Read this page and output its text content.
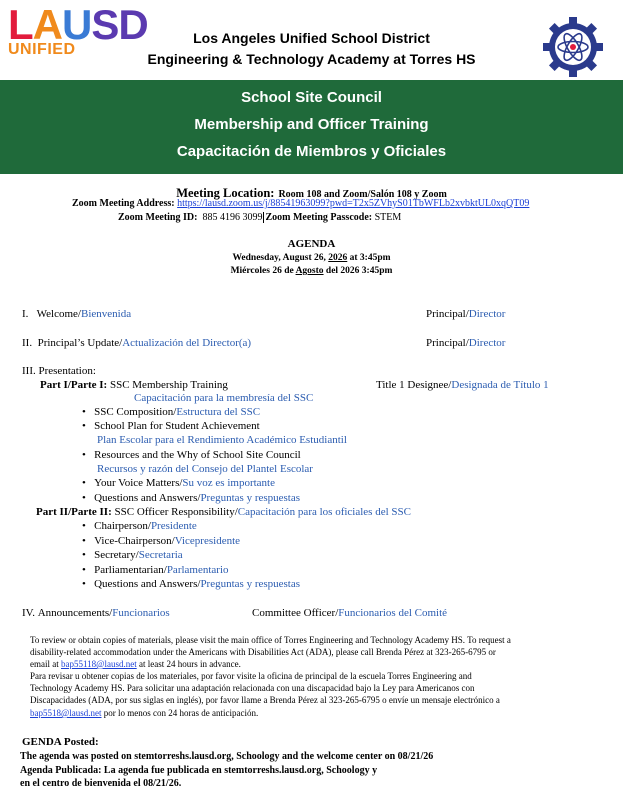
LAUSD
UNIFIED
Los Angeles Unified School District
Engineering & Technology Academy at Torres HS
School Site Council
Membership and Officer Training
Capacitación de Miembros y Oficiales
Meeting Location: Room 108 and Zoom/Salón 108 y Zoom
Zoom Meeting Address: https://lausd.zoom.us/j/88541963099?pwd=T2x5ZVhyS01TbWFLb2xvbktUL0xqQT09
Zoom Meeting ID: 885 4196 3099 Zoom Meeting Passcode: STEM
AGENDA
Wednesday, August 26, 2026 at 3:45pm
Miércoles 26 de Agosto del 2026 3:45pm
I. Welcome/Bienvenida	Principal/Director
II. Principal’s Update/Actualización del Director(a)	Principal/Director
III. Presentation:
Part I/Parte I: SSC Membership Training	Title 1 Designee/Designada de Título 1
Capacitación para la membresía del SSC
•   SSC Composition/Estructura del SSC
•   School Plan for Student Achievement
Plan Escolar para el Rendimiento Académico Estudiantil
•   Resources and the Why of School Site Council
Recursos y razón del Consejo del Plantel Escolar
•   Your Voice Matters/Su voz es importante
•   Questions and Answers/Preguntas y respuestas
Part II/Parte II: SSC Officer Responsibility/Capacitación para los oficiales del SSC
•   Chairperson/Presidente
•   Vice-Chairperson/Vicepresidente
•   Secretary/Secretaria
•   Parliamentarian/Parlamentario
•   Questions and Answers/Preguntas y respuestas
IV. Announcements/Funcionarios	Committee Officer/Funcionarios del Comité
To review or obtain copies of materials, please visit the main office of Torres Engineering and Technology Academy HS. To request a
disability-related accommodation under the Americans with Disabilities Act (ADA), please call Brenda Pérez at 323-265-6795 or
email at bap55118@lausd.net at least 24 hours in advance.
Para revisar u obtener copias de los materiales, por favor visite la oficina de principal de la escuela Torres Engineering and
Technology Academy HS. Para solicitar una adaptación relacionada con una discapacidad bajo la Ley para Americanos con
Discapacidades (ADA, por sus siglas en inglés), por favor llame a Brenda Pérez al 323-265-6795 o envíe un mensaje electrónico a
bap5518@lausd.net por lo menos con 24 horas de anticipación.
GENDA Posted:
The agenda was posted on stemtorreshs.lausd.org, Schoology and the welcome center on 08/21/26
Agenda Publicada: La agenda fue publicada en stemtorreshs.lausd.org, Schoology y
en el centro de bienvenida el 08/21/26.
